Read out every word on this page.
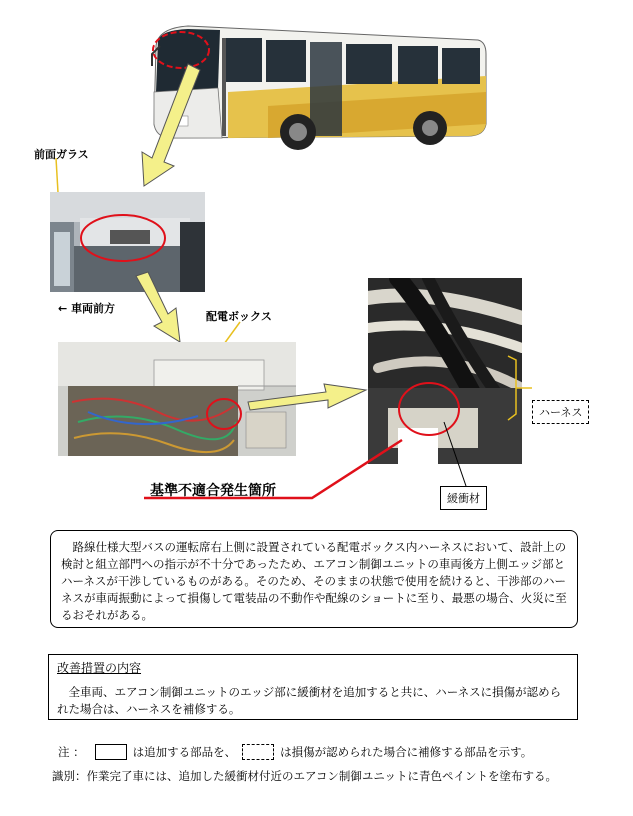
前面ガラス
← 車両前方
配電ボックス
ハーネス
緩衝材
基準不適合発生箇所
路線仕様大型バスの運転席右上側に設置されている配電ボックス内ハーネスにおいて、設計上の検討と組立部門への指示が不十分であったため、エアコン制御ユニットの車両後方上側エッジ部とハーネスが干渉しているものがある。そのため、そのままの状態で使用を続けると、干渉部のハーネスが車両振動によって損傷して電装品の不動作や配線のショートに至り、最悪の場合、火災に至るおそれがある。
改善措置の内容
全車両、エアコン制御ユニットのエッジ部に緩衝材を追加すると共に、ハーネスに損傷が認められた場合は、ハーネスを補修する。
注 ：	は追加する部品を、	は損傷が認められた場合に補修する部品を示す。
識別：作業完了車には、追加した緩衝材付近のエアコン制御ユニットに青色ペイントを塗布する。
